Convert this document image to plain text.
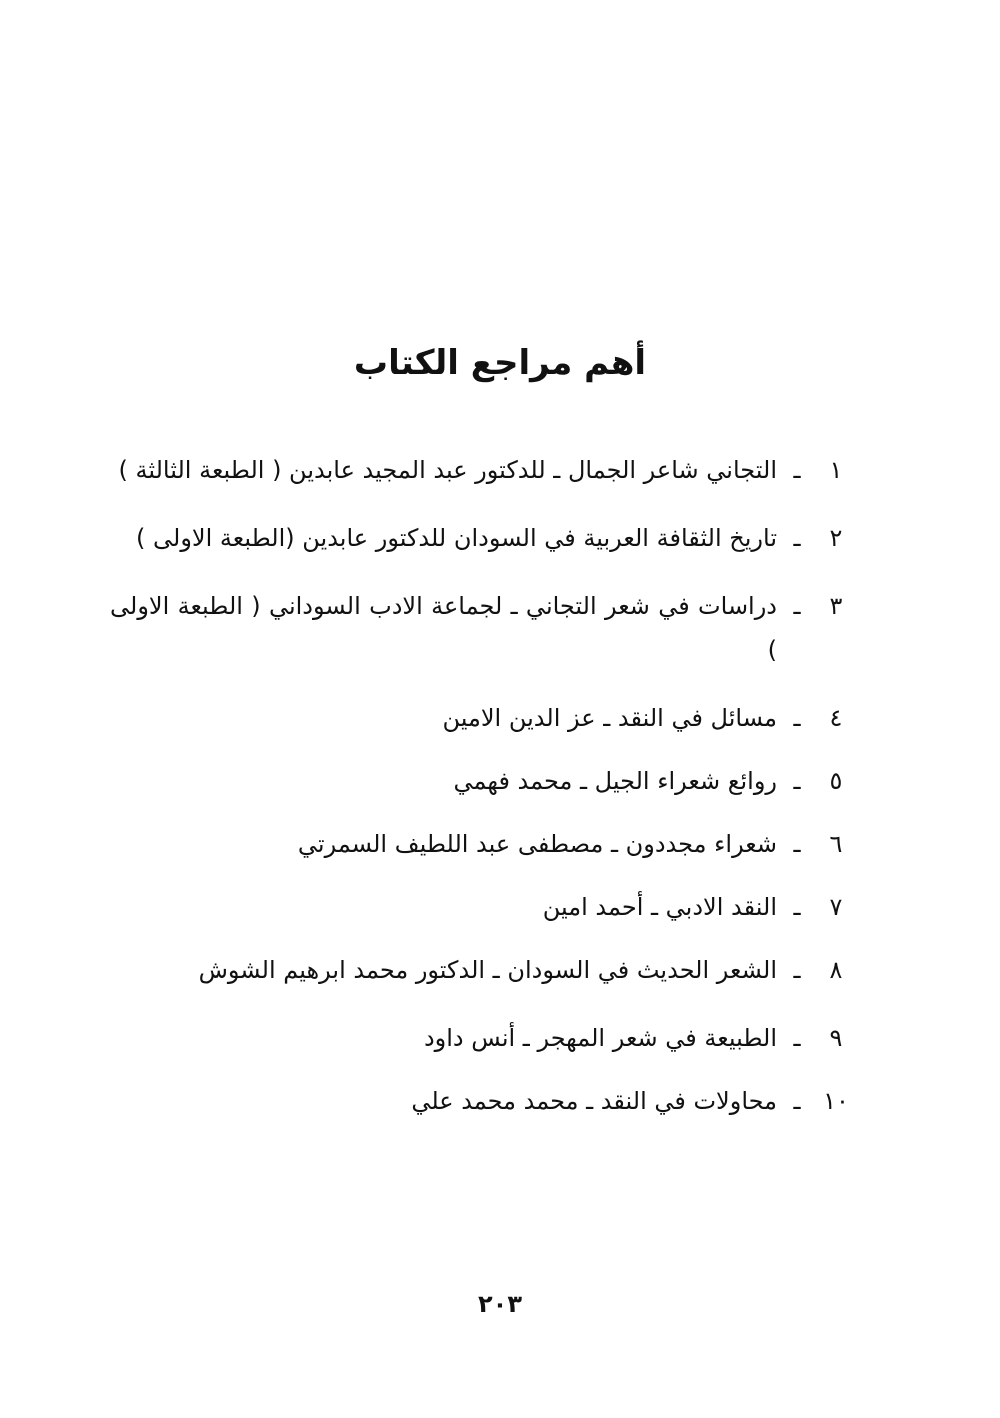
أهم مراجع الكتاب
١
ـ
التجاني شاعر الجمال ـ للدكتور عبد المجيد عابدين ( الطبعة الثالثة )
٢
ـ
تاريخ الثقافة العربية في السودان للدكتور عابدين (الطبعة الاولى )
٣
ـ
دراسات في شعر التجاني ـ لجماعة الادب السوداني ( الطبعة الاولى )
٤
ـ
مسائل في النقد ـ عز الدين الامين
٥
ـ
روائع شعراء الجيل ـ محمد فهمي
٦
ـ
شعراء مجددون ـ مصطفى عبد اللطيف السمرتي
٧
ـ
النقد الادبي ـ أحمد امين
٨
ـ
الشعر الحديث في السودان ـ الدكتور محمد ابرهيم الشوش
٩
ـ
الطبيعة في شعر المهجر ـ أنس داود
١٠
ـ
محاولات في النقد ـ محمد محمد علي
٢٠٣
